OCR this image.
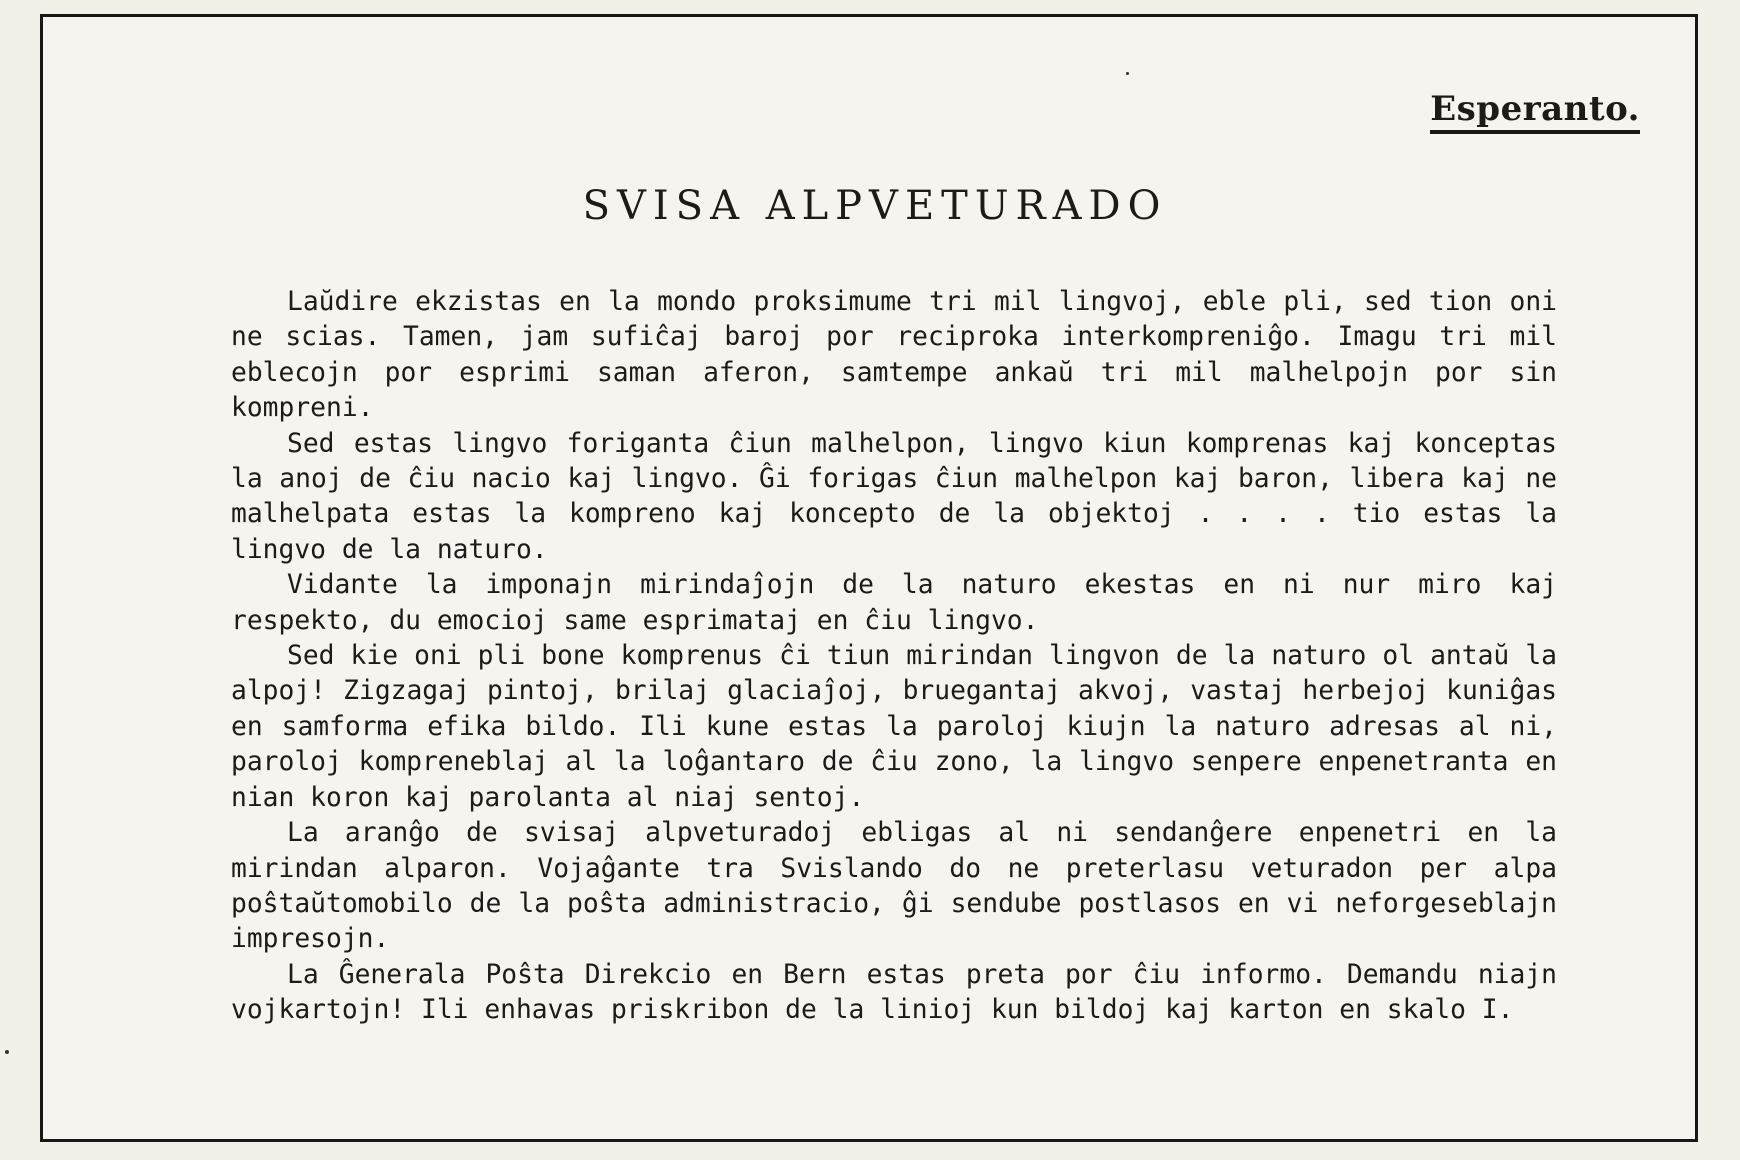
Esperanto.
SVISA ALPVETURADO

Laŭdire ekzistas en la mondo proksimume tri mil lingvoj, eble pli, sed tion oni ne scias. Tamen, jam sufiĉaj baroj por reciproka interkompreniĝo. Imagu tri mil eblecojn por esprimi saman aferon, samtempe ankaŭ tri mil malhelpojn por sin kompreni.

Sed estas lingvo foriganta ĉiun malhelpon, lingvo kiun komprenas kaj konceptas la anoj de ĉiu nacio kaj lingvo. Ĝi forigas ĉiun malhelpon kaj baron, libera kaj ne malhelpata estas la kompreno kaj koncepto de la objektoj . . . . tio estas la lingvo de la naturo.

Vidante la imponajn mirindaĵojn de la naturo ekestas en ni nur miro kaj respekto, du emocioj same esprimataj en ĉiu lingvo.

Sed kie oni pli bone komprenus ĉi tiun mirindan lingvon de la naturo ol antaŭ la alpoj! Zigzagaj pintoj, brilaj glaciaĵoj, bruegantaj akvoj, vastaj herbejoj kuniĝas en samforma efika bildo. Ili kune estas la paroloj kiujn la naturo adresas al ni, paroloj kompreneblaj al la loĝantaro de ĉiu zono, la lingvo senpere enpenetranta en nian koron kaj parolanta al niaj sentoj.

La aranĝo de svisaj alpveturadoj ebligas al ni sendanĝere enpenetri en la mirindan alparon. Vojaĝante tra Svislando do ne preterlasu veturadon per alpa poŝtaŭtomobilo de la poŝta administracio, ĝi sendube postlasos en vi neforgeseblajn impresojn.

La Ĝenerala Poŝta Direkcio en Bern estas preta por ĉiu informo. Demandu niajn vojkartojn! Ili enhavas priskribon de la linioj kun bildoj kaj karton en skalo I.
